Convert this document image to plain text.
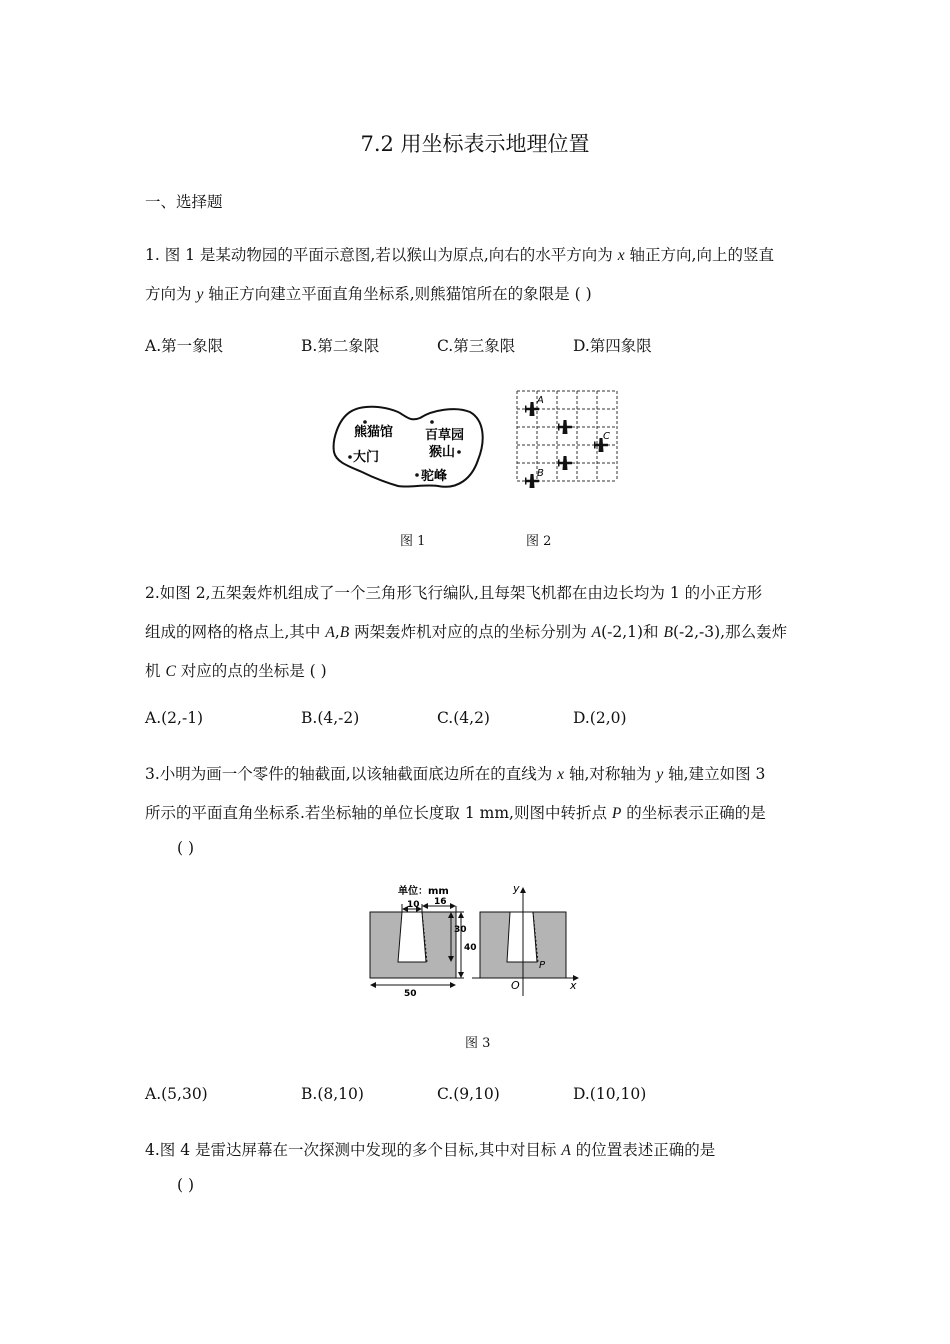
7.2 用坐标表示地理位置
一、选择题
1. 图 1 是某动物园的平面示意图,若以猴山为原点,向右的水平方向为 x 轴正方向,向上的竖直
方向为 y 轴正方向建立平面直角坐标系,则熊猫馆所在的象限是 ( )
A.第一象限	B.第二象限	C.第三象限	D.第四象限
熊猫馆 百草园
大门	猴山
驼峰
A
B
C
图 1	图 2
2.如图 2,五架轰炸机组成了一个三角形飞行编队,且每架飞机都在由边长均为 1 的小正方形
组成的网格的格点上,其中 A,B 两架轰炸机对应的点的坐标分别为 A(-2,1)和 B(-2,-3),那么轰炸
机 C 对应的点的坐标是 ( )
A.(2,-1)	B.(4,-2)	C.(4,2)	D.(2,0)
3.小明为画一个零件的轴截面,以该轴截面底边所在的直线为 x 轴,对称轴为 y 轴,建立如图 3
所示的平面直角坐标系.若坐标轴的单位长度取 1 mm,则图中转折点 P 的坐标表示正确的是
( )
单位：mm
10 16
30
40
50
y
x
O
P
图 3
A.(5,30)	B.(8,10)	C.(9,10)	D.(10,10)
4.图 4 是雷达屏幕在一次探测中发现的多个目标,其中对目标 A 的位置表述正确的是
( )
